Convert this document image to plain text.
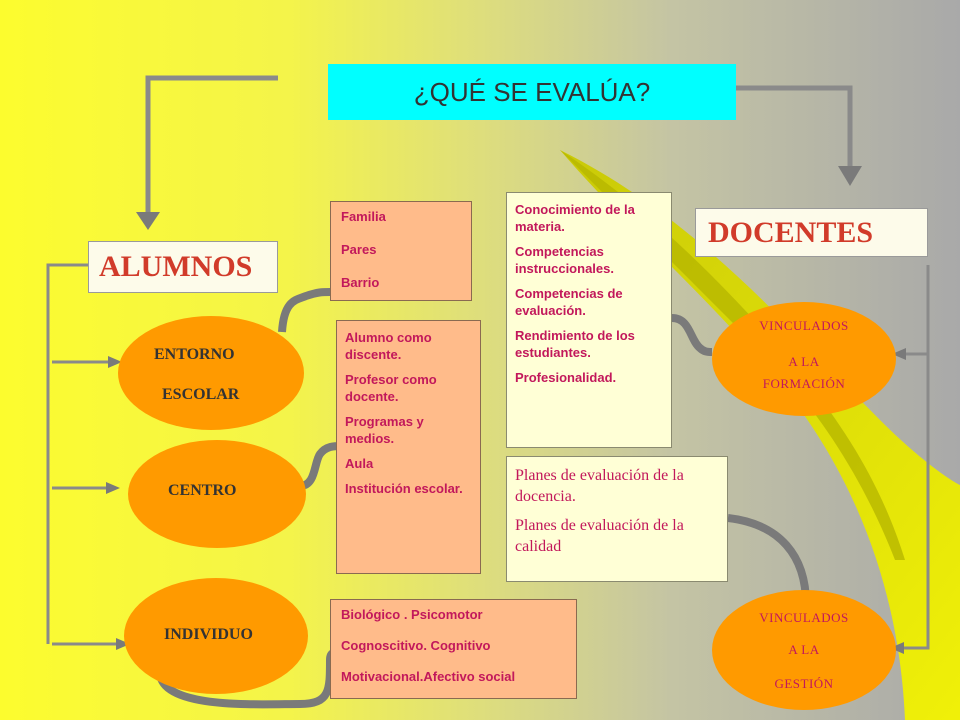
¿QUÉ SE EVALÚA?
ALUMNOS
DOCENTES
ENTORNO
ESCOLAR
CENTRO
INDIVIDUO
VINCULADOS
A LA
FORMACIÓN
VINCULADOS
A LA
GESTIÓN

Familia

Pares

Barrio

Alumno como discente.

Profesor como docente.

Programas y medios.

Aula

Institución escolar.

Biológico . Psicomotor

Cognoscitivo. Cognitivo

Motivacional.Afectivo social

Conocimiento de la materia.

Competencias instruccionales.

Competencias de evaluación.

Rendimiento de los estudiantes.

Profesionalidad.

Planes de evaluación de la docencia.

Planes de evaluación de la calidad
